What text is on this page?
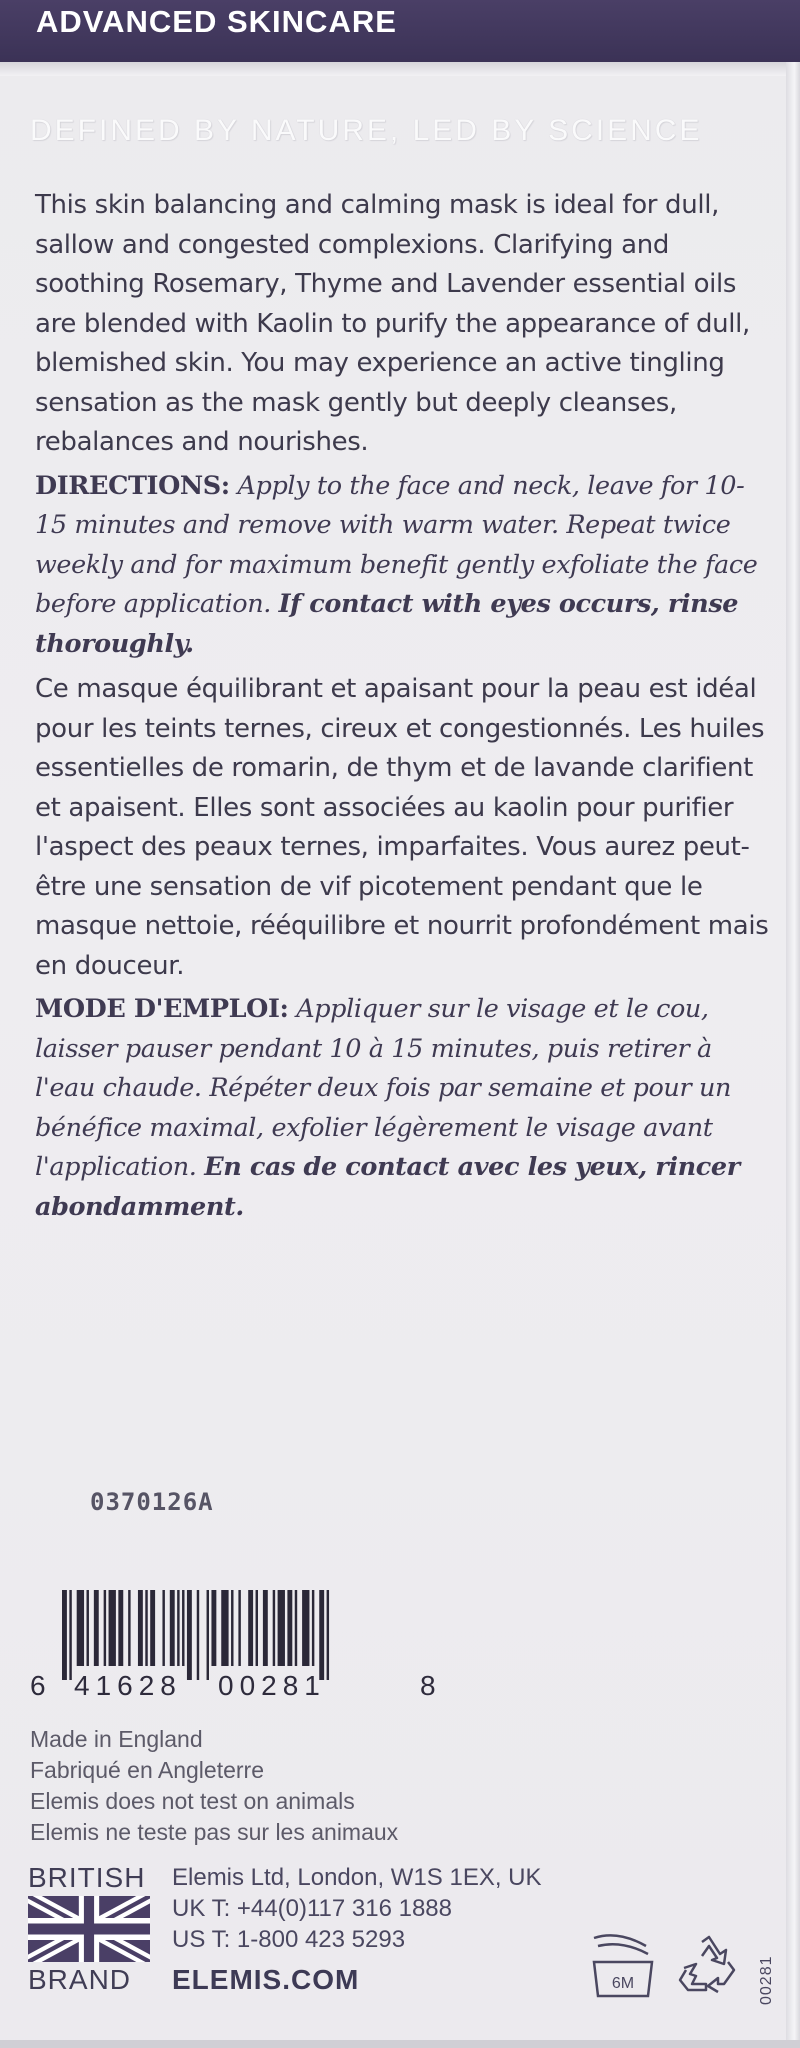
ADVANCED SKINCARE
DEFINED BY NATURE, LED BY SCIENCE

This skin balancing and calming mask is ideal for dull, sallow and congested complexions. Clarifying and soothing Rosemary, Thyme and Lavender essential oils are blended with Kaolin to purify the appearance of dull, blemished skin. You may experience an active tingling sensation as the mask gently but deeply cleanses, rebalances and nourishes.

DIRECTIONS: Apply to the face and neck, leave for 10-15 minutes and remove with warm water. Repeat twice weekly and for maximum benefit gently exfoliate the face before application. If contact with eyes occurs, rinse thoroughly.

Ce masque équilibrant et apaisant pour la peau est idéal pour les teints ternes, cireux et congestionnés. Les huiles essentielles de romarin, de thym et de lavande clarifient et apaisent. Elles sont associées au kaolin pour purifier l'aspect des peaux ternes, imparfaites. Vous aurez peut-être une sensation de vif picotement pendant que le masque nettoie, rééquilibre et nourrit profondément mais en douceur.

MODE D'EMPLOI: Appliquer sur le visage et le cou, laisser pauser pendant 10 à 15 minutes, puis retirer à l'eau chaude. Répéter deux fois par semaine et pour un bénéfice maximal, exfolier légèrement le visage avant l'application. En cas de contact avec les yeux, rincer abondamment.

0370126A
6 41628 00281	8
Made in England
Fabriqué en Angleterre
Elemis does not test on animals
Elemis ne teste pas sur les animaux
BRITISH
BRAND
Elemis Ltd, London, W1S 1EX, UK
UK T: +44(0)117 316 1888
US T: 1-800 423 5293
ELEMIS.COM	6M	00281
